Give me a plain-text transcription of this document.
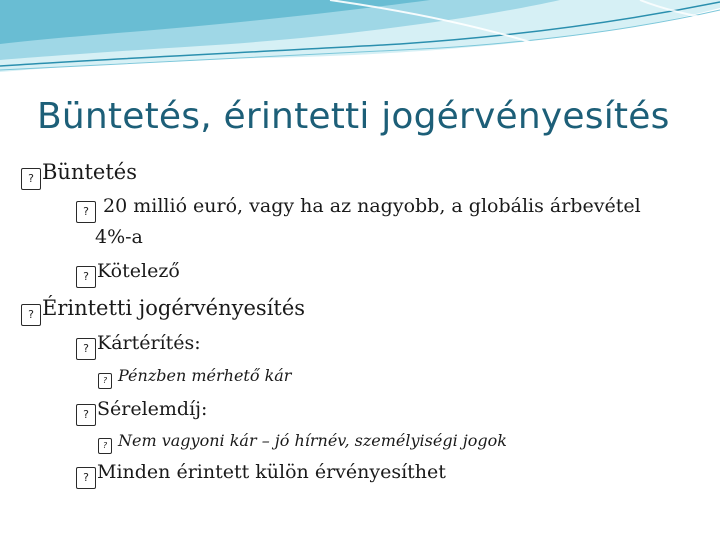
Büntetés, érintetti jogérvényesítés
? Büntetés
? 20 millió euró, vagy ha az nagyobb, a globális árbevétel
4%-a
? Kötelező
? Érintetti jogérvényesítés
? Kártérítés:
? Pénzben mérhető kár
? Sérelemdíj:
? Nem vagyoni kár – jó hírnév, személyiségi jogok
? Minden érintett külön érvényesíthet
